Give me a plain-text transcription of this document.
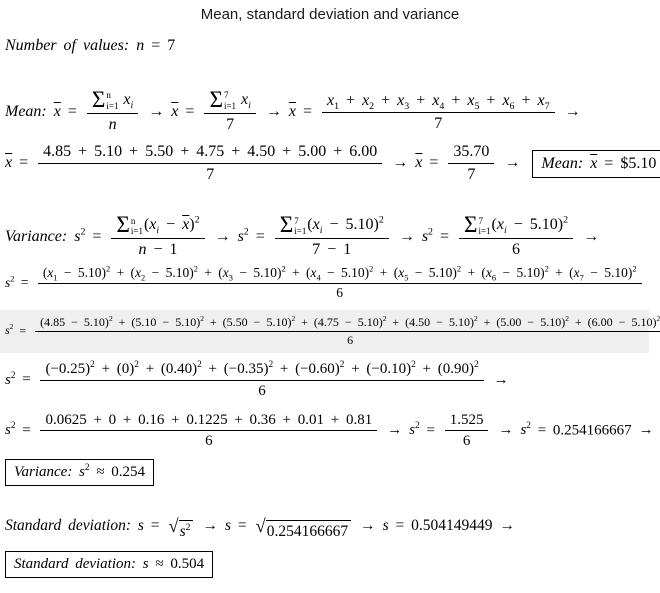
Mean, standard deviation and variance
Number of values: n = 7
Mean: $\overline{x} = \Sigma$ n
i=1 $x_i$
n
→ $\overline{x} = \Sigma$ 7
i=1 $x_i$
$7 \to \overline{x} = \frac{x_1 + x_2 + x_3 + x_4 + x_5 + x_6 + x_7}{7}$ →
$\overline{x} = \frac{4.85 + 5.10 + 5.50 + 4.75 + 4.50 + 5.00 + 6.00}{7} \to \overline{x} = \frac{35.70}{7}$ → Mean: $\overline{x}$ = $5.10
Variance: $s^2 = \Sigma$ n
i=1 $(x_i - \overline{x})^2$
n − 1
→ $s^2 = \Sigma$ 7
i=1 $(x_i - 5.10)^2$
$7 - 1 \to s^2 = \Sigma$ 7
i=1 $(x_i - 5.10)^2$
6 →
$s^2$ =
$(x_1 - 5.10)^2 + (x_2 - 5.10)^2 + (x_3 - 5.10)^2 + (x_4 - 5.10)^2 + (x_5 - 5.10)^2 + (x_6 - 5.10)^2 + (x_7 - 5.10)^2$
6
$s^2$ =
$(4.85 - 5.10)^2 + (5.10 - 5.10)^2 + (5.50 - 5.10)^2 + (4.75 - 5.10)^2 + (4.50 - 5.10)^2 + (5.00 - 5.10)^2 + (6.00 - 5.10)^2$
6
$s^2$ =
$(-0.25)^2 + (0)^2 + (0.40)^2 + (-0.35)^2 + (-0.60)^2 + (-0.10)^2 + (0.90)^2$
6
→
$s^2 = \frac{0.0625 + 0 + 0.16 + 0.1225 + 0.36 + 0.01 + 0.81}{6} \to s^2 = \frac{1.525}{6} \to s^2 = 0.254166667$ →
Variance: $s^2 \approx 0.254$
Standard deviation: s = √ $s^2 \to s$ = √ 0.254166667 → s = 0.504149449 →
Standard deviation: s ≈ 0.504
